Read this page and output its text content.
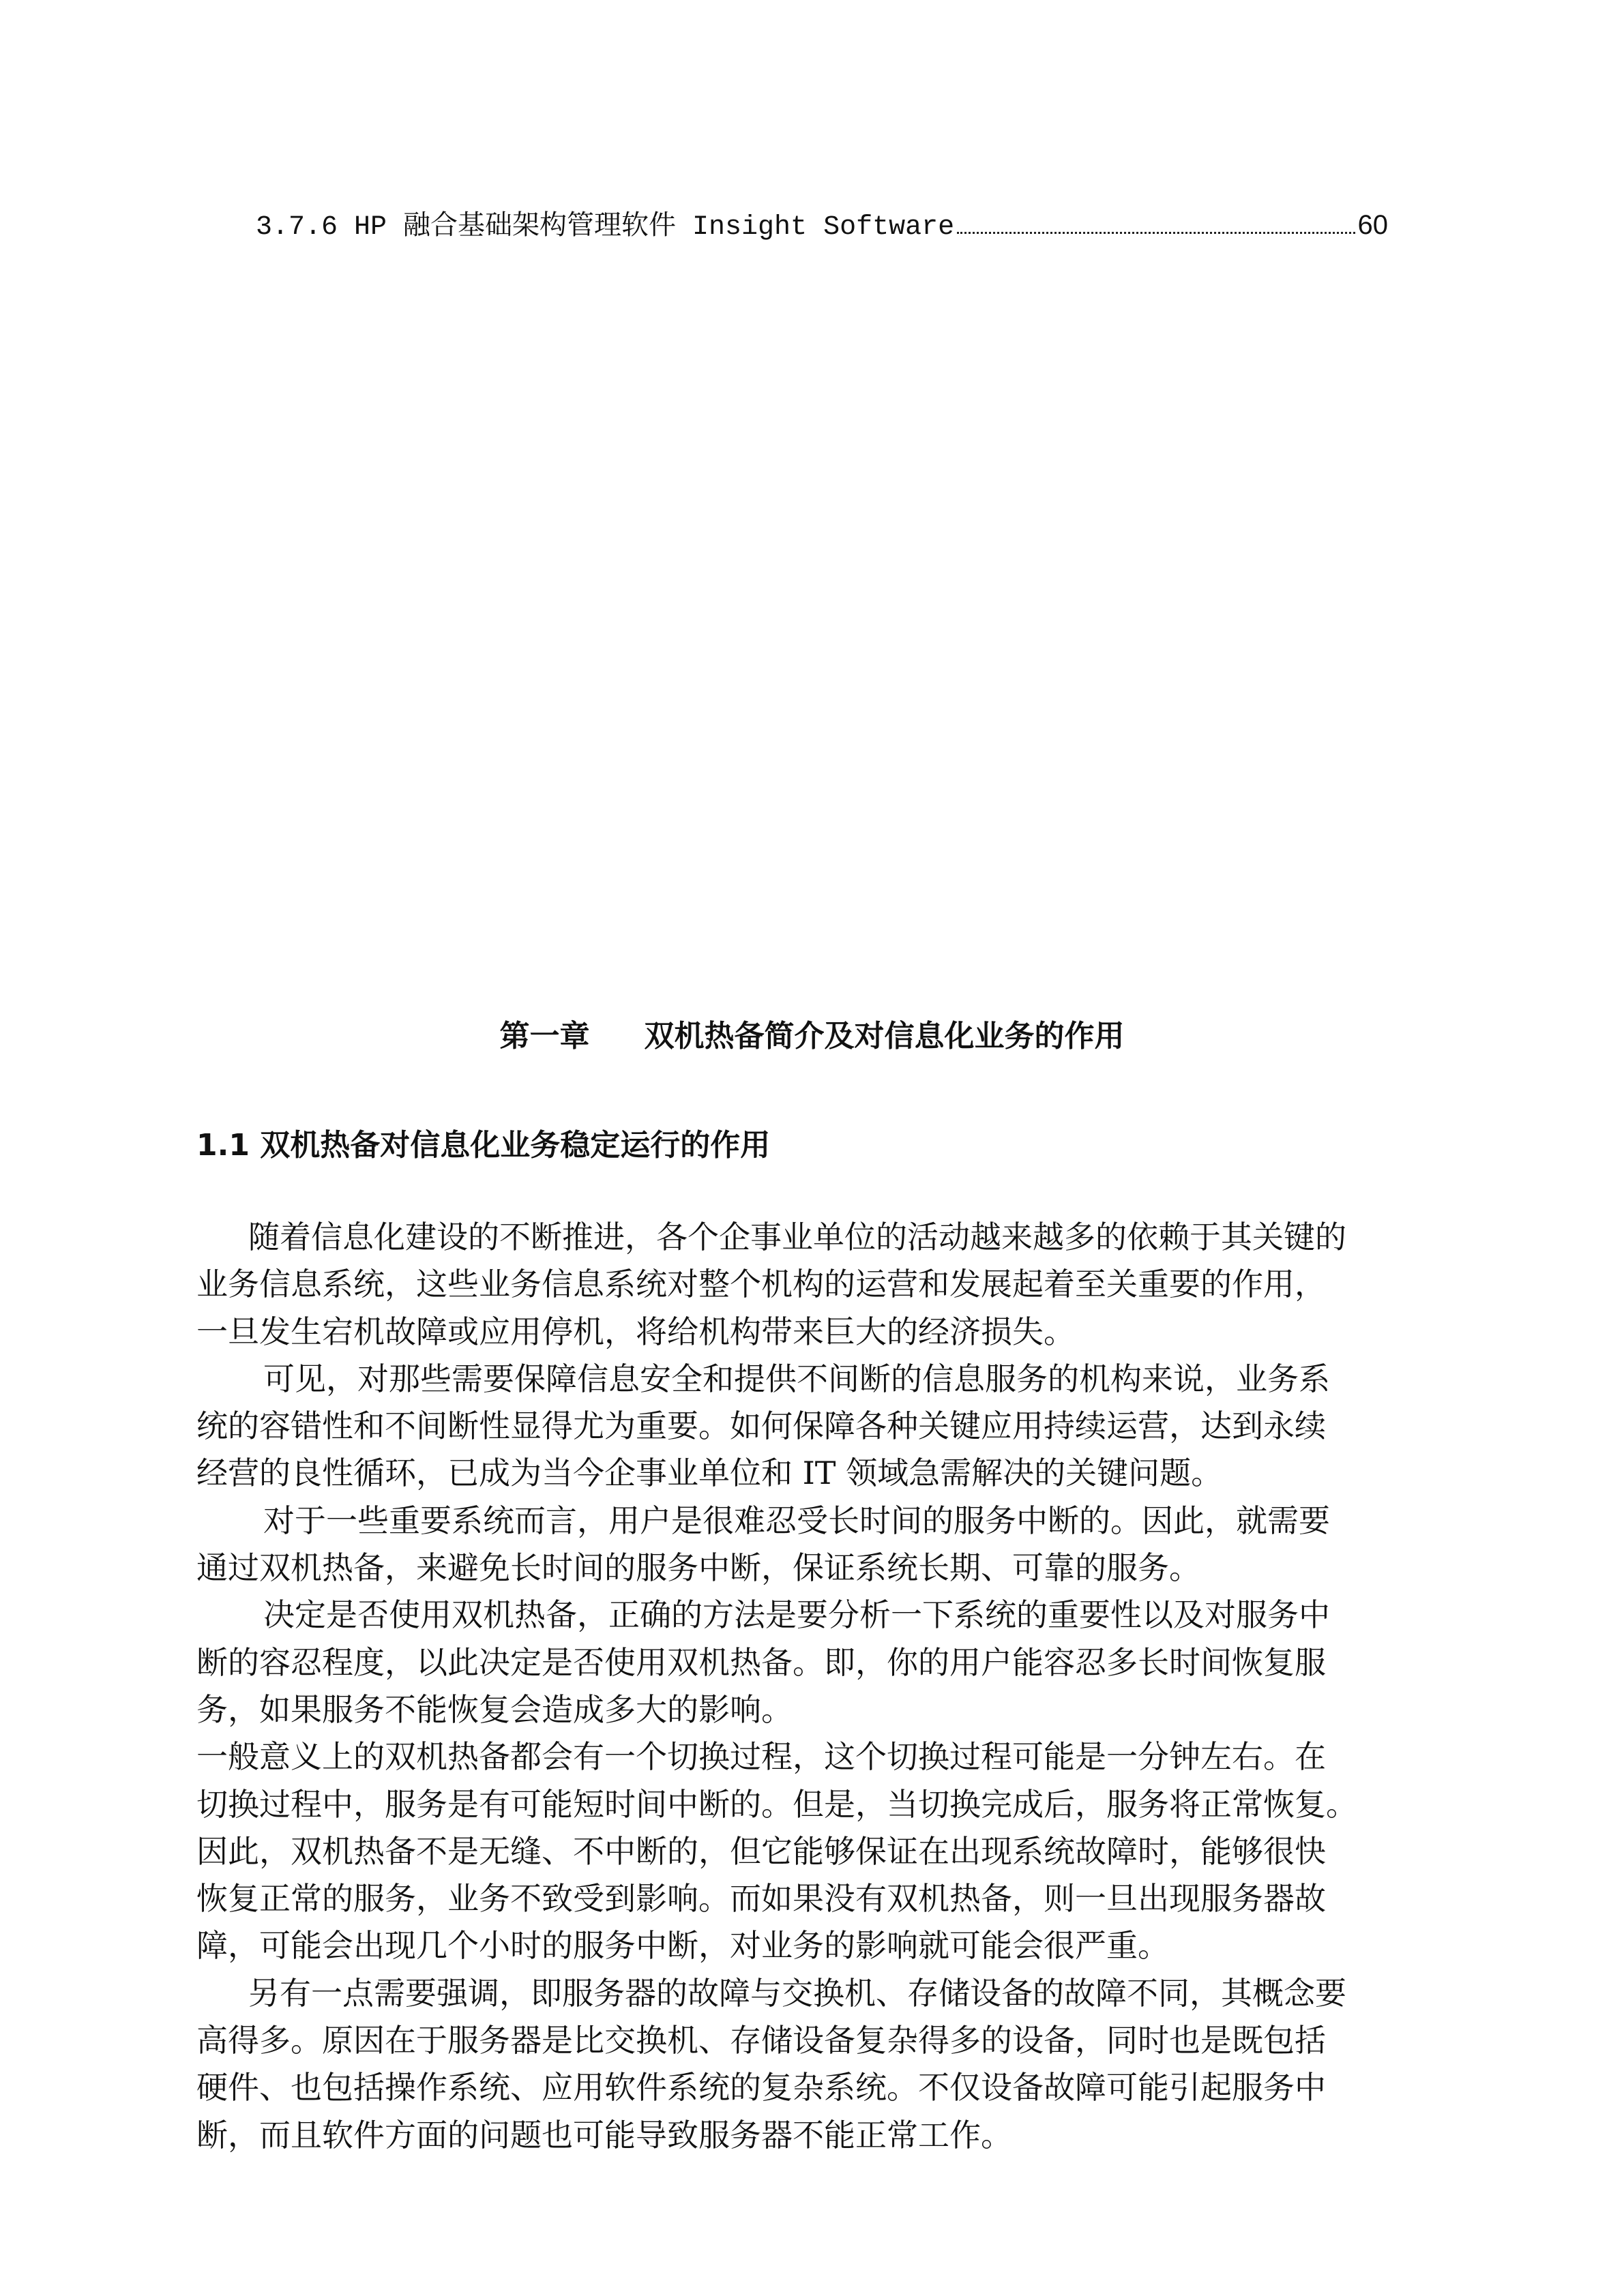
3.7.6 HP 融合基础架构管理软件 Insight Software	60
第一章 双机热备简介及对信息化业务的作用
1.1 双机热备对信息化业务稳定运行的作用
随着信息化建设的不断推进，各个企事业单位的活动越来越多的依赖于其关键的
业务信息系统，这些业务信息系统对整个机构的运营和发展起着至关重要的作用，
一旦发生宕机故障或应用停机，将给机构带来巨大的经济损失。
可见，对那些需要保障信息安全和提供不间断的信息服务的机构来说，业务系
统的容错性和不间断性显得尤为重要。如何保障各种关键应用持续运营，达到永续
经营的良性循环，已成为当今企事业单位和 IT 领域急需解决的关键问题。
对于一些重要系统而言，用户是很难忍受长时间的服务中断的。因此，就需要
通过双机热备，来避免长时间的服务中断，保证系统长期、可靠的服务。
决定是否使用双机热备，正确的方法是要分析一下系统的重要性以及对服务中
断的容忍程度，以此决定是否使用双机热备。即，你的用户能容忍多长时间恢复服
务，如果服务不能恢复会造成多大的影响。
一般意义上的双机热备都会有一个切换过程，这个切换过程可能是一分钟左右。在
切换过程中，服务是有可能短时间中断的。但是，当切换完成后，服务将正常恢复。
因此，双机热备不是无缝、不中断的，但它能够保证在出现系统故障时，能够很快
恢复正常的服务，业务不致受到影响。而如果没有双机热备，则一旦出现服务器故
障，可能会出现几个小时的服务中断，对业务的影响就可能会很严重。
另有一点需要强调，即服务器的故障与交换机、存储设备的故障不同，其概念要
高得多。原因在于服务器是比交换机、存储设备复杂得多的设备，同时也是既包括
硬件、也包括操作系统、应用软件系统的复杂系统。不仅设备故障可能引起服务中
断，而且软件方面的问题也可能导致服务器不能正常工作。
